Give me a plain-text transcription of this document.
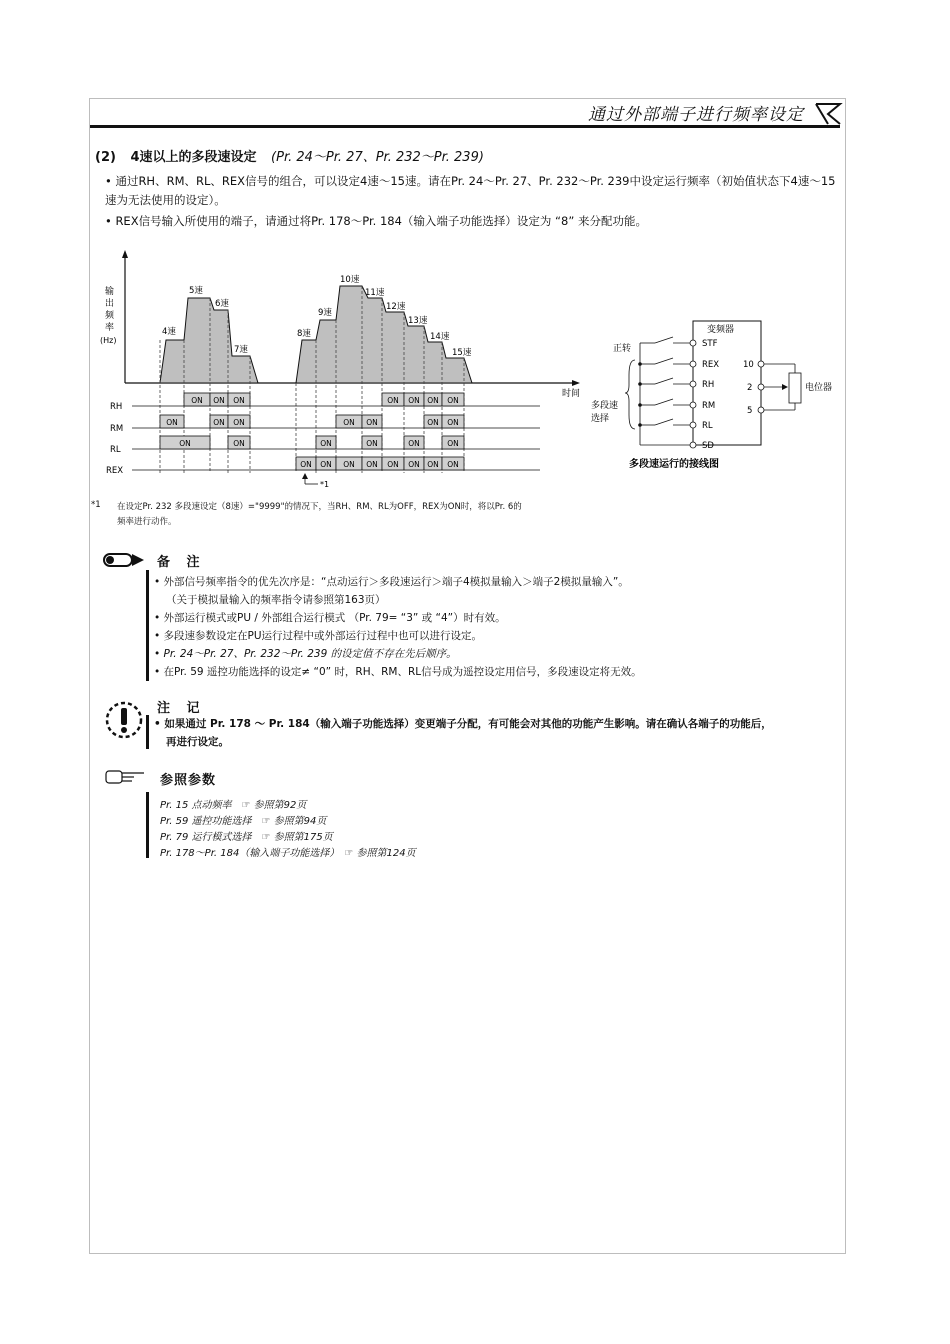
通过外部端子进行频率设定
(2) 4速以上的多段速设定 (Pr. 24～Pr. 27、Pr. 232～Pr. 239)
• 通过RH、RM、RL、REX信号的组合，可以设定4速～15速。请在Pr. 24～Pr. 27、Pr. 232～Pr. 239中设定运行频率（初始值状态下4速～15速为无法使用的设定）。
• REX信号输入所使用的端子，请通过将Pr. 178～Pr. 184（输入端子功能选择）设定为 “8” 来分配功能。
输
出
频
率
(Hz)
4速
5速
6速
7速
8速
9速
10速
11速
12速
13速
14速
15速
时间
RH
RM
RL
REX
ON ON ON	ON ON ON ON
ON	ON ON	ON ON	ON ON
ON	ON	ON	ON	ON	ON
ON ON ON ON ON ON ON ON
*1
变频器
STF
REX
RH
RM
RL
SD
10
2
5
正转
多段速
选择
电位器
多段速运行的接线图
*1 在设定Pr. 232 多段速设定（8速）="9999"的情况下，当RH、RM、RL为OFF，REX为ON时，将以Pr. 6的
频率进行动作。
备 注
• 外部信号频率指令的优先次序是：“点动运行＞多段速运行＞端子4模拟量输入＞端子2模拟量输入”。
（关于模拟量输入的频率指令请参照第163页）
• 外部运行模式或PU / 外部组合运行模式 （Pr. 79= “3” 或 “4”）时有效。
• 多段速参数设定在PU运行过程中或外部运行过程中也可以进行设定。
• Pr. 24～Pr. 27、Pr. 232～Pr. 239 的设定值不存在先后顺序。
• 在Pr. 59 遥控功能选择的设定≠ “0” 时，RH、RM、RL信号成为遥控设定用信号，多段速设定将无效。
注 记
• 如果通过 Pr. 178 ～ Pr. 184（输入端子功能选择）变更端子分配，有可能会对其他的功能产生影响。请在确认各端子的功能后，
再进行设定。
参照参数
Pr. 15 点动频率　☞ 参照第92页
Pr. 59 遥控功能选择　☞ 参照第94页
Pr. 79 运行模式选择　☞ 参照第175页
Pr. 178～Pr. 184（输入端子功能选择）　☞ 参照第124页
